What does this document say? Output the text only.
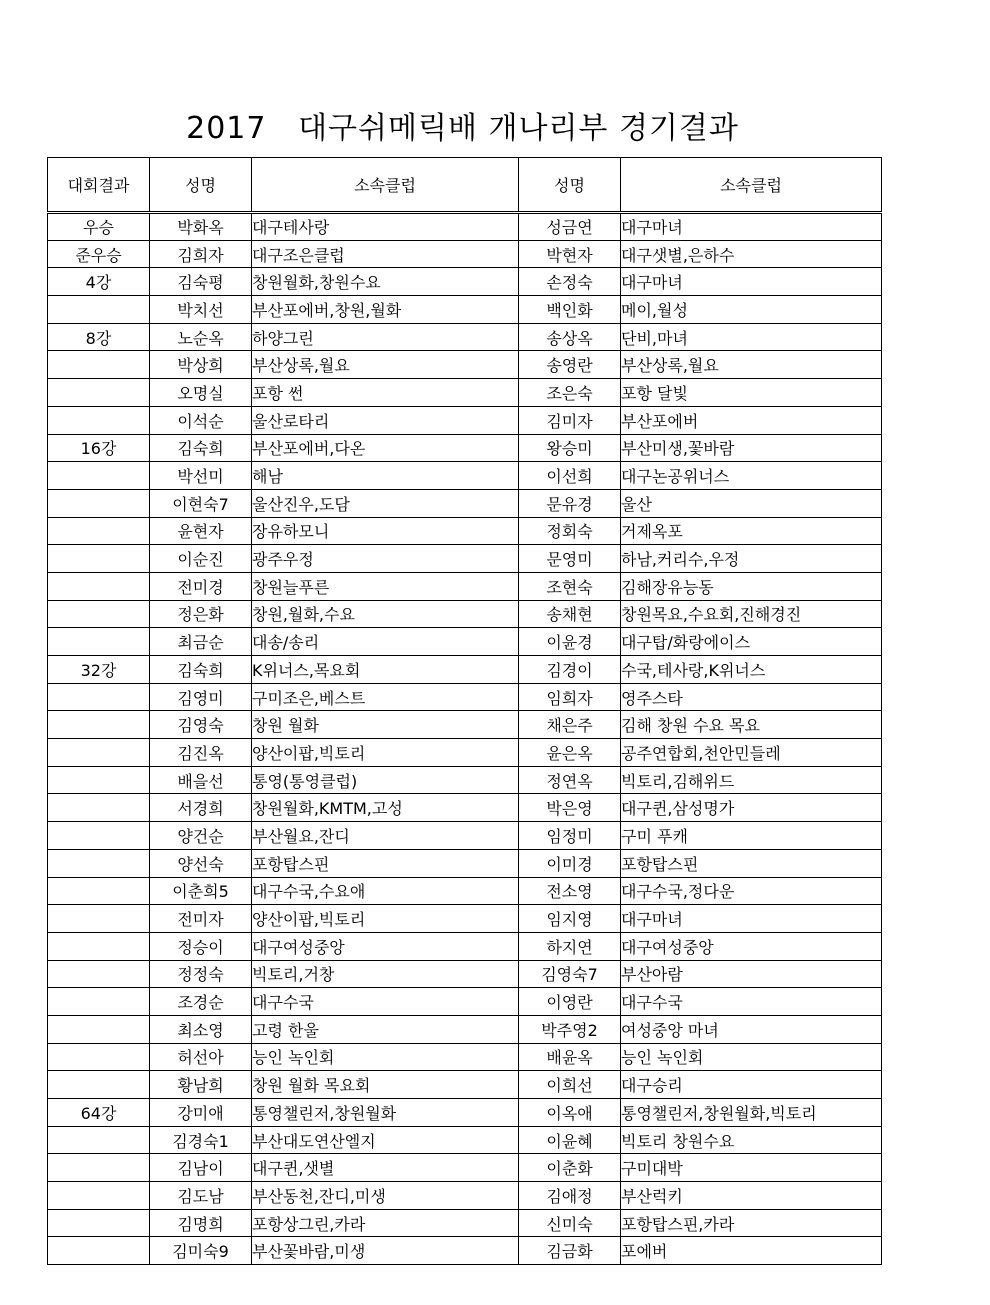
2017   대구쉬메릭배 개나리부 경기결과
대회결과	성명	소속클럽	성명	소속클럽
우승	박화옥	대구테사랑	성금연	대구마녀
준우승	김희자	대구조은클럽	박현자	대구샛별,은하수
4강	김숙평	창원월화,창원수요	손정숙	대구마녀
	박치선	부산포에버,창원,월화	백인화	메이,월성
8강	노순옥	하양그린	송상옥	단비,마녀
	박상희	부산상록,월요	송영란	부산상록,월요
	오명실	포항 썬	조은숙	포항 달빛
	이석순	울산로타리	김미자	부산포에버
16강	김숙희	부산포에버,다온	왕승미	부산미생,꽃바람
	박선미	해남	이선희	대구논공위너스
	이현숙7	울산진우,도담	문유경	울산
	윤현자	장유하모니	정회숙	거제옥포
	이순진	광주우정	문영미	하남,커리수,우정
	전미경	창원늘푸른	조현숙	김해장유능동
	정은화	창원,월화,수요	송채현	창원목요,수요회,진해경진
	최금순	대송/송리	이윤경	대구탑/화랑에이스
32강	김숙희	K위너스,목요회	김경이	수국,테사랑,K위너스
	김영미	구미조은,베스트	임희자	영주스타
	김영숙	창원 월화	채은주	김해 창원 수요 목요
	김진옥	양산이팝,빅토리	윤은옥	공주연합회,천안민들레
	배을선	통영(통영클럽)	정연옥	빅토리,김해위드
	서경희	창원월화,KMTM,고성	박은영	대구퀸,삼성명가
	양건순	부산월요,잔디	임정미	구미 푸캐
	양선숙	포항탑스핀	이미경	포항탑스핀
	이춘희5	대구수국,수요애	전소영	대구수국,정다운
	전미자	양산이팝,빅토리	임지영	대구마녀
	정승이	대구여성중앙	하지연	대구여성중앙
	정정숙	빅토리,거창	김영숙7	부산아람
	조경순	대구수국	이영란	대구수국
	최소영	고령 한울	박주영2	여성중앙 마녀
	허선아	능인 녹인회	배윤옥	능인 녹인회
	황남희	창원 월화 목요회	이희선	대구승리
64강	강미애	통영챌린저,창원월화	이옥애	통영챌린저,창원월화,빅토리
	김경숙1	부산대도연산엘지	이윤혜	빅토리 창원수요
	김남이	대구퀸,샛별	이춘화	구미대박
	김도남	부산동천,잔디,미생	김애정	부산럭키
	김명희	포항상그린,카라	신미숙	포항탑스핀,카라
	김미숙9	부산꽃바람,미생	김금화	포에버
